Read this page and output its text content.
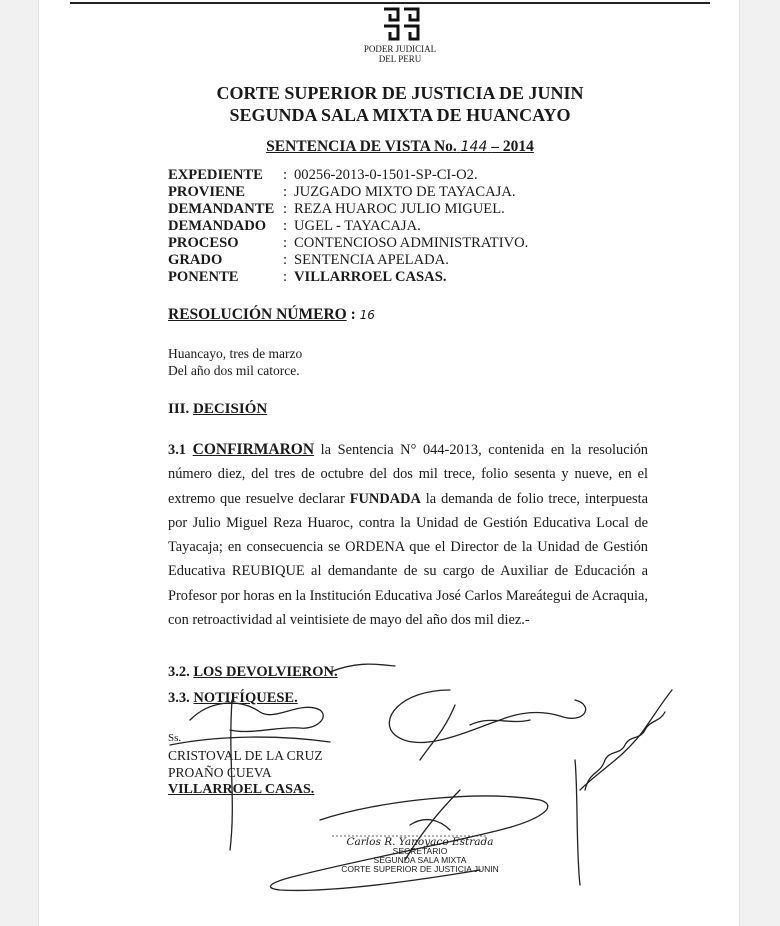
PODER JUDICIAL
DEL PERU
CORTE SUPERIOR DE JUSTICIA DE JUNIN
SEGUNDA SALA MIXTA DE HUANCAYO
SENTENCIA DE VISTA No. 144 – 2014
EXPEDIENTE	:	00256-2013-0-1501-SP-CI-O2.
PROVIENE	:	JUZGADO MIXTO DE TAYACAJA.
DEMANDANTE	:	REZA HUAROC JULIO MIGUEL.
DEMANDADO	:	UGEL - TAYACAJA.
PROCESO	:	CONTENCIOSO ADMINISTRATIVO.
GRADO	:	SENTENCIA APELADA.
PONENTE	:	VILLARROEL CASAS.
RESOLUCIÓN NÚMERO : 16
Huancayo, tres de marzo
Del año dos mil catorce.
III. DECISIÓN
3.1 CONFIRMARON la Sentencia N° 044-2013, contenida en la resolución número diez, del tres de octubre del dos mil trece, folio sesenta y nueve, en el extremo que resuelve declarar FUNDADA la demanda de folio trece, interpuesta por Julio Miguel Reza Huaroc, contra la Unidad de Gestión Educativa Local de Tayacaja; en consecuencia se ORDENA que el Director de la Unidad de Gestión Educativa REUBIQUE al demandante de su cargo de Auxiliar de Educación a Profesor por horas en la Institución Educativa José Carlos Mareátegui de Acraquia, con retroactividad al veintisiete de mayo del año dos mil diez.-
3.2. LOS DEVOLVIERON.
3.3. NOTIFÍQUESE.
Ss.
CRISTOVAL DE LA CRUZ
PROAÑO CUEVA
VILLARROEL CASAS.
Carlos R. Yanoyaco Estrada
SECRETARIO
SEGUNDA SALA MIXTA
CORTE SUPERIOR DE JUSTICIA JUNIN
